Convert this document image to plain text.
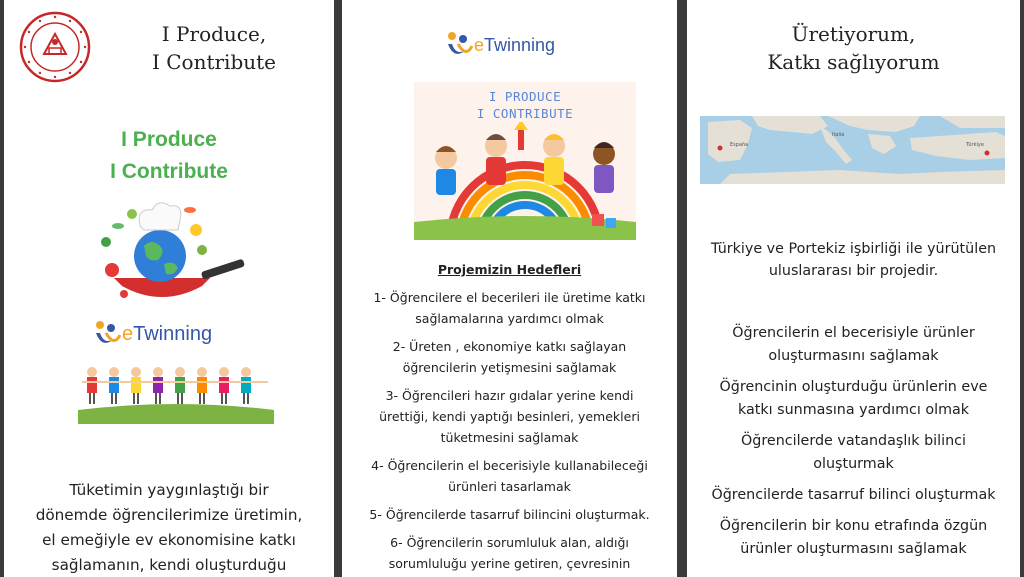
I Produce,
I Contribute
I Produce
I Contribute
eTwinning
Tüketimin yaygınlaştığı bir
dönemde öğrencilerimize üretimin,
el emeğiyle ev ekonomisine katkı
sağlamanın, kendi oluşturduğu
eTwinning
I PRODUCE
I CONTRIBUTE
Projemizin Hedefleri
1- Öğrencilere el becerileri ile üretime katkı
sağlamalarına yardımcı olmak
2- Üreten , ekonomiye katkı sağlayan
öğrencilerin yetişmesini sağlamak
3- Öğrencileri hazır gıdalar yerine kendi
ürettiği, kendi yaptığı besinleri, yemekleri
tüketmesini sağlamak
4- Öğrencilerin el becerisiyle kullanabileceği
ürünleri tasarlamak
5- Öğrencilerde tasarruf bilincini oluşturmak.
6- Öğrencilerin sorumluluk alan, aldığı
sorumluluğu yerine getiren, çevresinin
Üretiyorum,
Katkı sağlıyorum
España
Italia
Türkiye
Türkiye ve Portekiz işbirliği ile yürütülen
uluslararası bir projedir.
Öğrencilerin el becerisiyle ürünler
oluşturmasını sağlamak
Öğrencinin oluşturduğu ürünlerin eve
katkı sunmasına yardımcı olmak
Öğrencilerde vatandaşlık bilinci
oluşturmak
Öğrencilerde tasarruf bilinci oluşturmak
Öğrencilerin bir konu etrafında özgün
ürünler oluşturmasını sağlamak
